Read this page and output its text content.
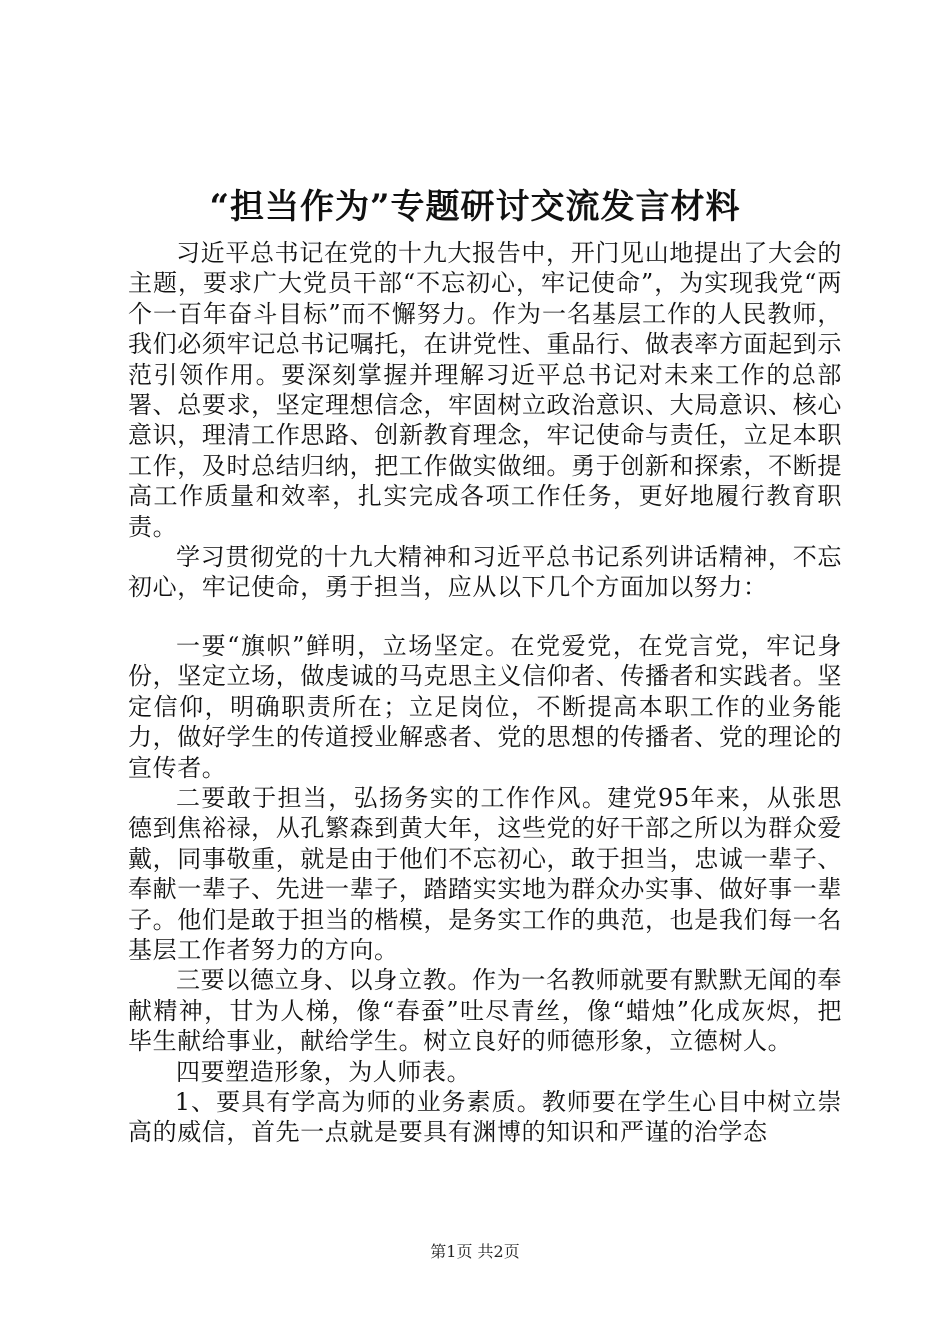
“担当作为”专题研讨交流发言材料

习近平总书记在党的十九大报告中，开门见山地提出了大会的主题，要求广大党员干部“不忘初心，牢记使命”，为实现我党“两个一百年奋斗目标”而不懈努力。作为一名基层工作的人民教师，我们必须牢记总书记嘱托，在讲党性、重品行、做表率方面起到示范引领作用。要深刻掌握并理解习近平总书记对未来工作的总部署、总要求，坚定理想信念，牢固树立政治意识、大局意识、核心意识，理清工作思路、创新教育理念，牢记使命与责任，立足本职工作，及时总结归纳，把工作做实做细。勇于创新和探索，不断提高工作质量和效率，扎实完成各项工作任务，更好地履行教育职责。

学习贯彻党的十九大精神和习近平总书记系列讲话精神，不忘初心，牢记使命，勇于担当，应从以下几个方面加以努力：

一要“旗帜”鲜明，立场坚定。在党爱党，在党言党，牢记身份，坚定立场，做虔诚的马克思主义信仰者、传播者和实践者。坚定信仰，明确职责所在；立足岗位，不断提高本职工作的业务能力，做好学生的传道授业解惑者、党的思想的传播者、党的理论的宣传者。

二要敢于担当，弘扬务实的工作作风。建党95年来，从张思德到焦裕禄，从孔繁森到黄大年，这些党的好干部之所以为群众爱戴，同事敬重，就是由于他们不忘初心，敢于担当，忠诚一辈子、奉献一辈子、先进一辈子，踏踏实实地为群众办实事、做好事一辈子。他们是敢于担当的楷模，是务实工作的典范，也是我们每一名基层工作者努力的方向。

三要以德立身、以身立教。作为一名教师就要有默默无闻的奉献精神，甘为人梯，像“春蚕”吐尽青丝，像“蜡烛”化成灰烬，把毕生献给事业，献给学生。树立良好的师德形象，立德树人。

四要塑造形象，为人师表。

1、要具有学高为师的业务素质。教师要在学生心目中树立崇高的威信，首先一点就是要具有渊博的知识和严谨的治学态

第1页 共2页
